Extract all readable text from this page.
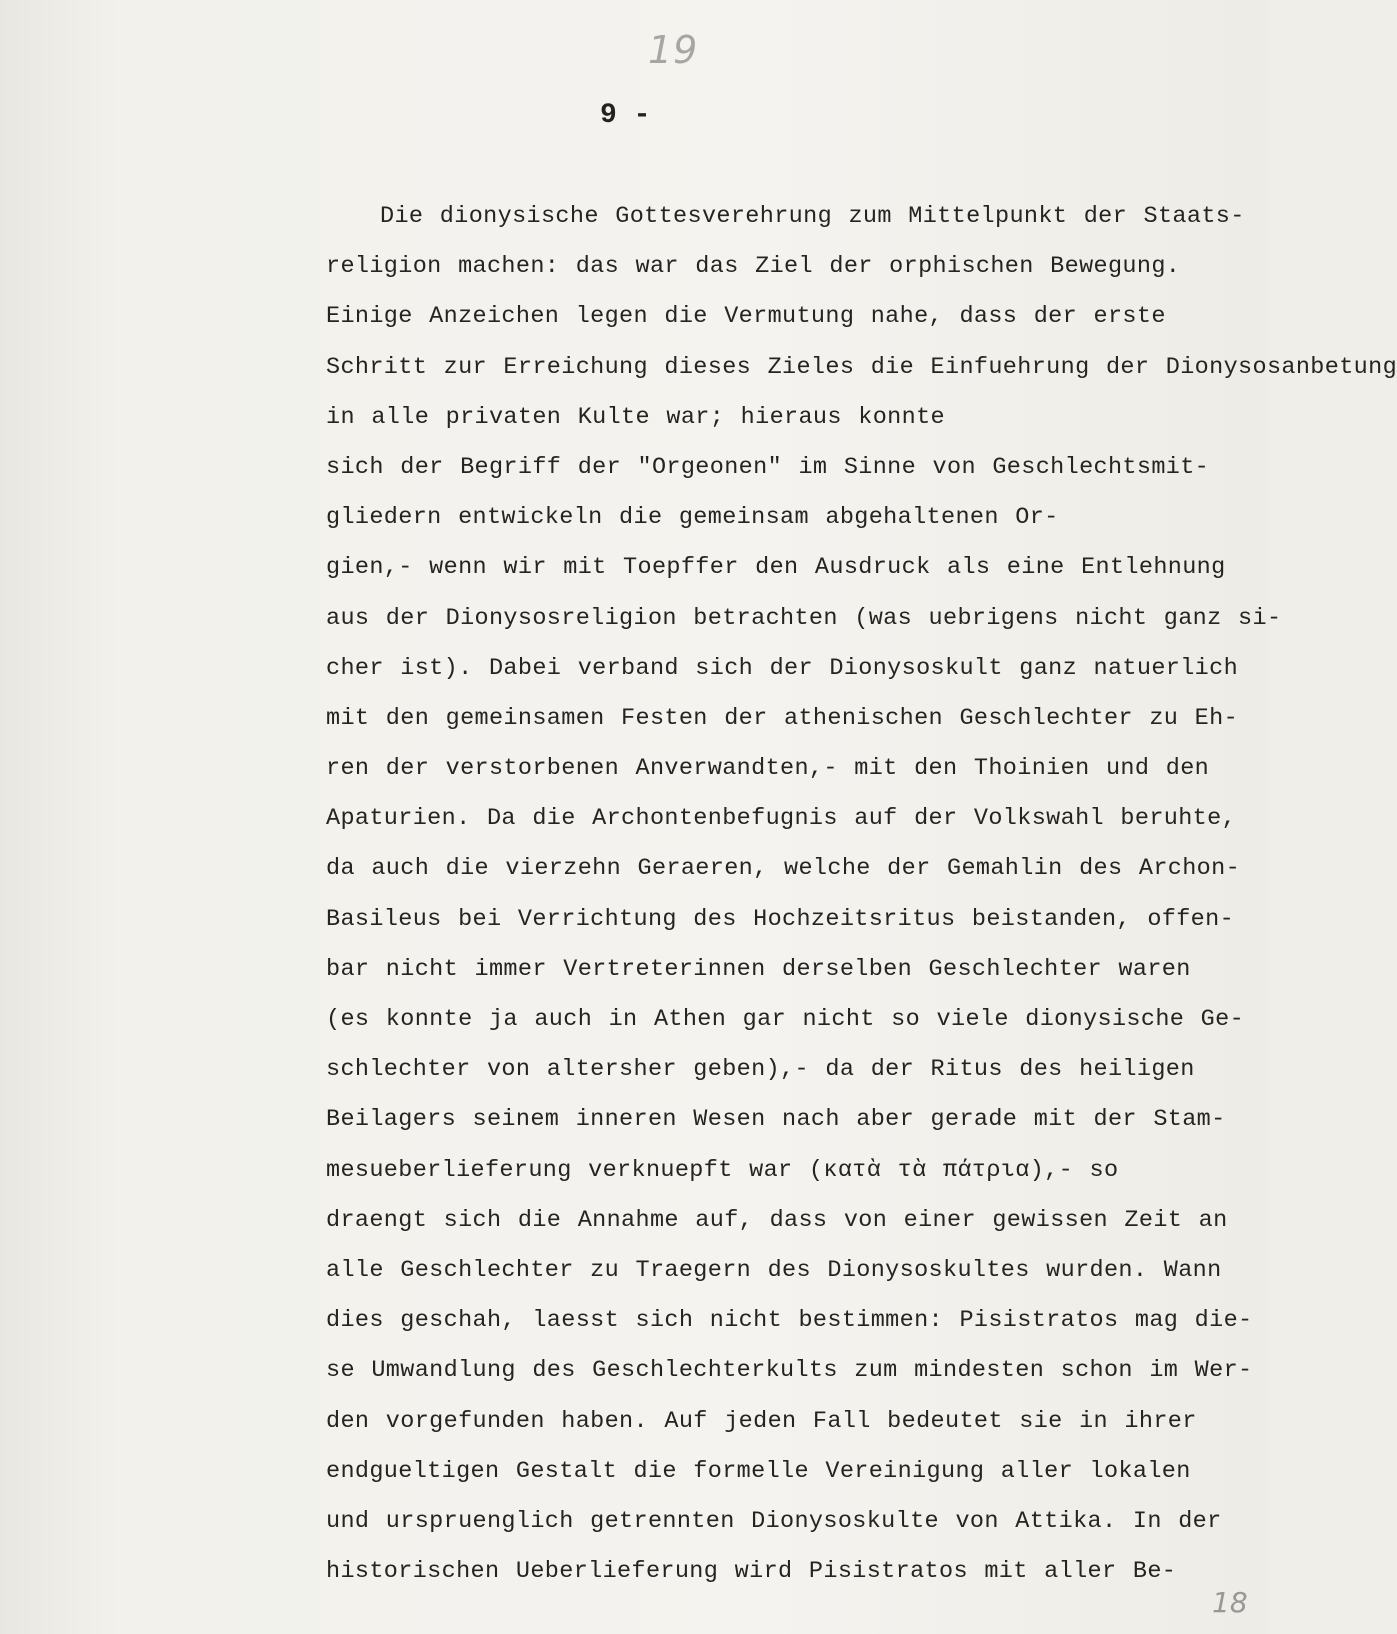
19
9 -
Die dionysische Gottesverehrung zum Mittelpunkt der Staats-
religion machen: das war das Ziel der orphischen Bewegung.
Einige Anzeichen legen die Vermutung nahe, dass der erste
Schritt zur Erreichung dieses Zieles die Einfuehrung der Dionysosanbetung
in alle privaten Kulte war; hieraus konnte
sich der Begriff der "Orgeonen" im Sinne von Geschlechtsmit-
gliedern entwickeln die gemeinsam abgehaltenen Or-
gien,- wenn wir mit Toepffer den Ausdruck als eine Entlehnung
aus der Dionysosreligion betrachten (was uebrigens nicht ganz si-
cher ist). Dabei verband sich der Dionysoskult ganz natuerlich
mit den gemeinsamen Festen der athenischen Geschlechter zu Eh-
ren der verstorbenen Anverwandten,- mit den Thoinien und den
Apaturien. Da die Archontenbefugnis auf der Volkswahl beruhte,
da auch die vierzehn Geraeren, welche der Gemahlin des Archon-
Basileus bei Verrichtung des Hochzeitsritus beistanden, offen-
bar nicht immer Vertreterinnen derselben Geschlechter waren
(es konnte ja auch in Athen gar nicht so viele dionysische Ge-
schlechter von altersher geben),- da der Ritus des heiligen
Beilagers seinem inneren Wesen nach aber gerade mit der Stam-
mesueberlieferung verknuepft war (κατὰ τὰ πάτρια),- so
draengt sich die Annahme auf, dass von einer gewissen Zeit an
alle Geschlechter zu Traegern des Dionysoskultes wurden. Wann
dies geschah, laesst sich nicht bestimmen: Pisistratos mag die-
se Umwandlung des Geschlechterkults zum mindesten schon im Wer-
den vorgefunden haben. Auf jeden Fall bedeutet sie in ihrer
endgueltigen Gestalt die formelle Vereinigung aller lokalen
und urspruenglich getrennten Dionysoskulte von Attika. In der
historischen Ueberlieferung wird Pisistratos mit aller Be-
18
